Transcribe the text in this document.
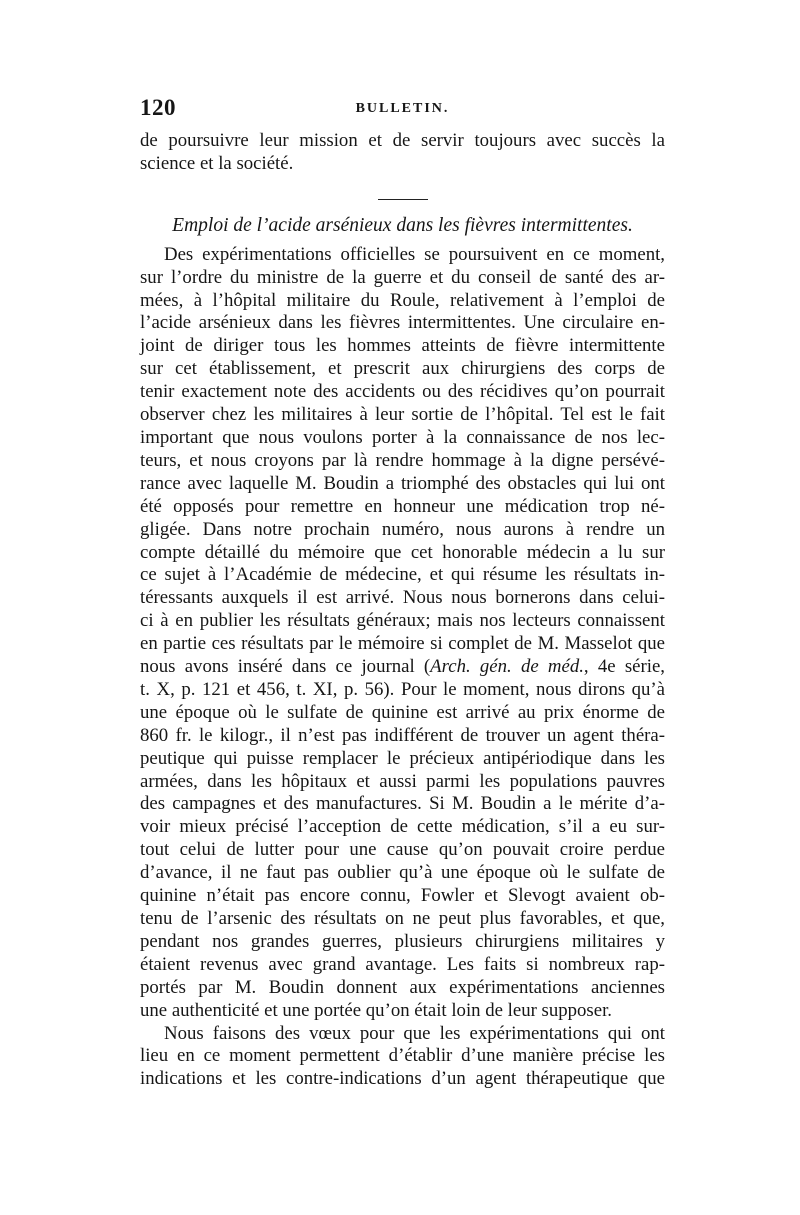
120	BULLETIN.

de poursuivre leur mission et de servir toujours avec succès la
science et la société.

Emploi de l’acide arsénieux dans les fièvres intermittentes.

Des expérimentations officielles se poursuivent en ce moment,
sur l’ordre du ministre de la guerre et du conseil de santé des ar-
mées, à l’hôpital militaire du Roule, relativement à l’emploi de
l’acide arsénieux dans les fièvres intermittentes. Une circulaire en-
joint de diriger tous les hommes atteints de fièvre intermittente
sur cet établissement, et prescrit aux chirurgiens des corps de
tenir exactement note des accidents ou des récidives qu’on pourrait
observer chez les militaires à leur sortie de l’hôpital. Tel est le fait
important que nous voulons porter à la connaissance de nos lec-
teurs, et nous croyons par là rendre hommage à la digne persévé-
rance avec laquelle M. Boudin a triomphé des obstacles qui lui ont
été opposés pour remettre en honneur une médication trop né-
gligée. Dans notre prochain numéro, nous aurons à rendre un
compte détaillé du mémoire que cet honorable médecin a lu sur
ce sujet à l’Académie de médecine, et qui résume les résultats in-
téressants auxquels il est arrivé. Nous nous bornerons dans celui-
ci à en publier les résultats généraux; mais nos lecteurs connaissent
en partie ces résultats par le mémoire si complet de M. Masselot que
nous avons inséré dans ce journal (Arch. gén. de méd., 4e série,
t. X, p. 121 et 456, t. XI, p. 56). Pour le moment, nous dirons qu’à
une époque où le sulfate de quinine est arrivé au prix énorme de
860 fr. le kilogr., il n’est pas indifférent de trouver un agent théra-
peutique qui puisse remplacer le précieux antipériodique dans les
armées, dans les hôpitaux et aussi parmi les populations pauvres
des campagnes et des manufactures. Si M. Boudin a le mérite d’a-
voir mieux précisé l’acception de cette médication, s’il a eu sur-
tout celui de lutter pour une cause qu’on pouvait croire perdue
d’avance, il ne faut pas oublier qu’à une époque où le sulfate de
quinine n’était pas encore connu, Fowler et Slevogt avaient ob-
tenu de l’arsenic des résultats on ne peut plus favorables, et que,
pendant nos grandes guerres, plusieurs chirurgiens militaires y
étaient revenus avec grand avantage. Les faits si nombreux rap-
portés par M. Boudin donnent aux expérimentations anciennes
une authenticité et une portée qu’on était loin de leur supposer.

Nous faisons des vœux pour que les expérimentations qui ont
lieu en ce moment permettent d’établir d’une manière précise les
indications et les contre-indications d’un agent thérapeutique que
